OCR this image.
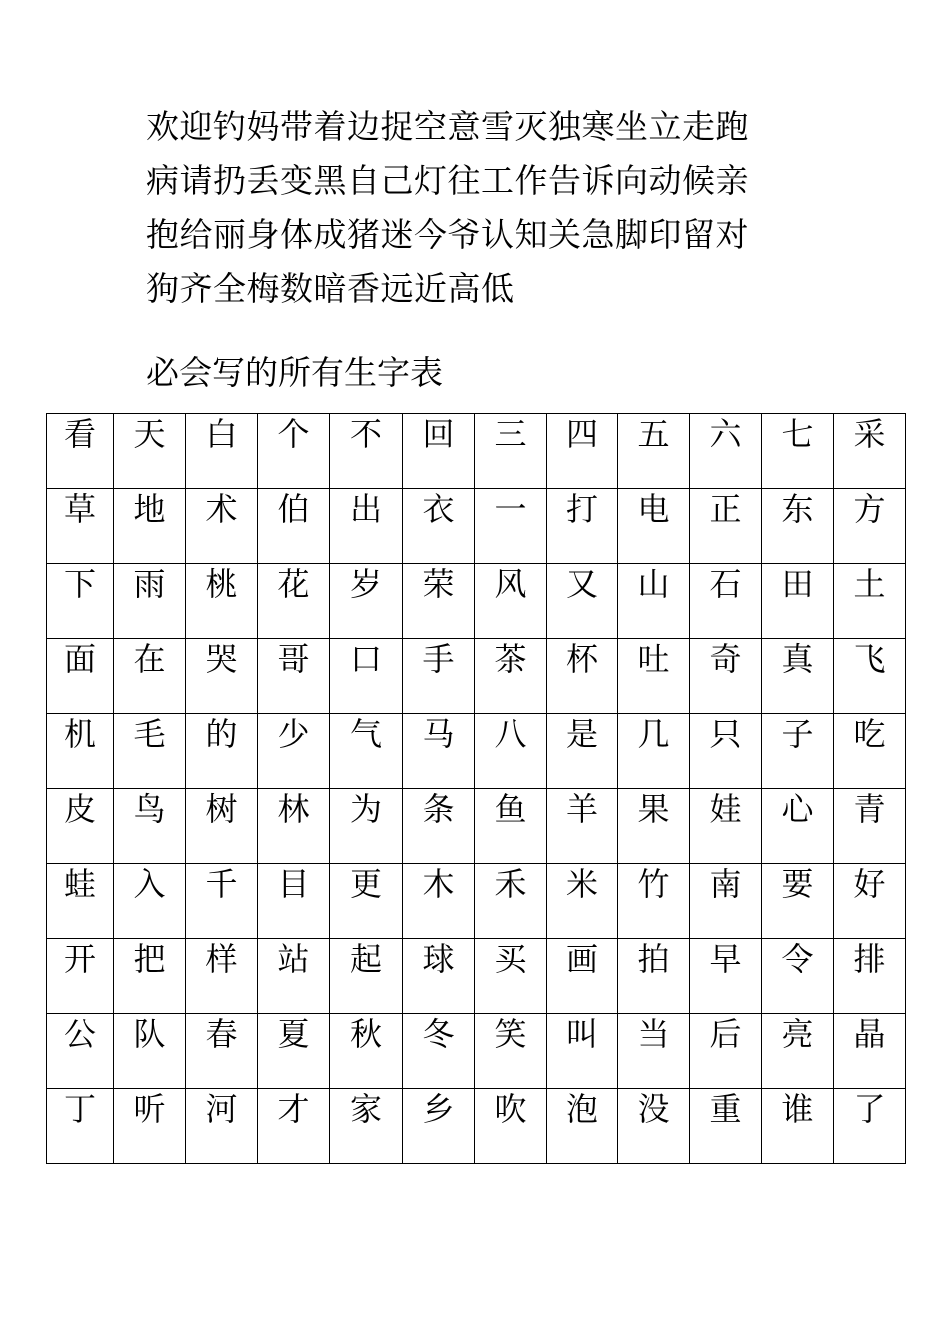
欢迎钓妈带着边捉空意雪灭独寒坐立走跑
病请扔丢变黑自己灯往工作告诉向动候亲
抱给丽身体成猪迷今爷认知关急脚印留对
狗齐全梅数暗香远近高低
必会写的所有生字表
看	天	白	个	不	回	三	四	五	六	七	采

草	地	术	伯	出	衣	一	打	电	正	东	方

下	雨	桃	花	岁	荣	风	又	山	石	田	土

面	在	哭	哥	口	手	茶	杯	吐	奇	真	飞

机	毛	的	少	气	马	八	是	几	只	子	吃

皮	鸟	树	林	为	条	鱼	羊	果	娃	心	青

蛙	入	千	目	更	木	禾	米	竹	南	要	好

开	把	样	站	起	球	买	画	拍	早	令	排

公	队	春	夏	秋	冬	笑	叫	当	后	亮	晶

丁	听	河	才	家	乡	吹	泡	没	重	谁	了
